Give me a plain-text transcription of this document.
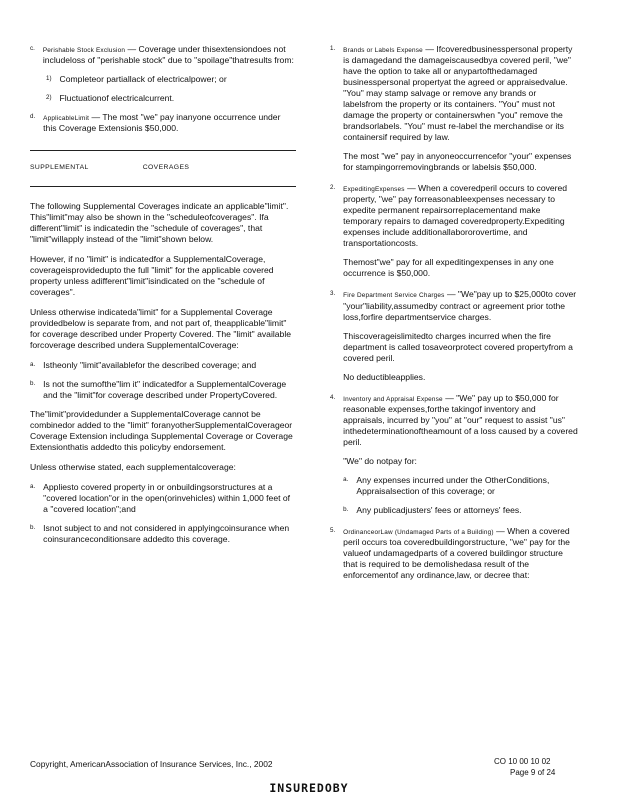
c. Perishable Stock Exclusion — Coverage under thisextensiondoes not includeloss of "perishable stock" due to "spoilage"thatresults from:
1) Completeor partiallack of electricalpower; or
2) Fluctuationof electricalcurrent.
d. ApplicableLimit — The most "we" pay inanyone occurrence under this Coverage Extensionis $50,000.
SUPPLEMENTAL	COVERAGES

The following Supplemental Coverages indicate an applicable"limit". This"limit"may also be shown in the "scheduleofcoverages". Ifa different"limit" is indicatedin the "schedule of coverages", that "limit"willapply instead of the "limit"shown below.

However, if no "limit" is indicatedfor a SupplementalCoverage, coverageisprovidedupto the full "limit" for the applicable covered property unless adifferent"limit"isindicated on the "schedule of coverages".

Unless otherwise indicateda"limit" for a Supplemental Coverage providedbelow is separate from, and not part of, theapplicable"limit" for coverage described under Property Covered. The "limit" available forcoverage described undera SupplementalCoverage:

a. Istheonly "limit"availablefor the described coverage; and
b. Is not the sumofthe"lim it" indicatedfor a SupplementalCoverage and the "limit"for coverage described under PropertyCovered.

The"limit"providedunder a SupplementalCoverage cannot be combinedor added to the "limit" foranyotherSupplementalCoverageor Coverage Extension includinga Supplemental Coverage or Coverage Extensionthatis addedto this policyby endorsement.

Unless otherwise stated, each supplementalcoverage:

a. Appliesto covered property in or onbuildingsorstructures at a "covered location"or in the open(orinvehicles) within 1,000 feet of a "covered location";and
b. Isnot subject to and not considered in applyingcoinsurance when coinsuranceconditionsare addedto this coverage.
1. Brands or Labels Expense — Ifcoveredbusinesspersonal property is damagedand the damageiscausedbya covered peril, "we" have the option to take all or anypartofthedamaged businesspersonal propertyat the agreed or appraisedvalue. "You" may stamp salvage or remove any brands or labelsfrom the property or its containers. "You" must not damage the property or containerswhen "you" remove the brandsorlabels. "You" must re-label the merchandise or its containersif required by law.

The most "we" pay in anyoneoccurrencefor "your" expenses for stampingorremovingbrands or labelsis $50,000.

2. ExpeditingExpenses — When a coveredperil occurs to covered property, "we" pay forreasonableexpenses necessary to expedite permanent repairsorreplacementand make temporary repairs to damaged coveredproperty.Expediting expenses include additionallabororovertime, and transportationcosts.

Themost"we" pay for all expeditingexpenses in any one occurrence is $50,000.

3. Fire Department Service Charges — "We"pay up to $25,000to cover "your"liability,assumedby contract or agreement prior tothe loss,forfire departmentservice charges.

Thiscoverageislimitedto charges incurred when the fire department is called tosaveorprotect covered propertyfrom a covered peril.

No deductibleapplies.

4. Inventory and Appraisal Expense — "We" pay up to $50,000 for reasonable expenses,forthe takingof inventory and appraisals, incurred by "you" at "our" request to assist "us" inthedeterminationoftheamount of a loss caused by a covered peril.

"We" do notpay for:

a. Any expenses incurred under the OtherConditions, Appraisalsection of this coverage; or
b. Any publicadjusters' fees or attorneys' fees.
5. OrdinanceorLaw (Undamaged Parts of a Building) — When a covered peril occurs toa coveredbuildingorstructure, "we" pay for the valueof undamagedparts of a covered buildingor structure that is required to be demolishedasa result of the enforcementof any ordinance,law, or decree that:

Copyright, AmericanAssociation of Insurance Services, Inc., 2002	CO 10 00 10 02
Page 9 of 24
INSUREDOBY
